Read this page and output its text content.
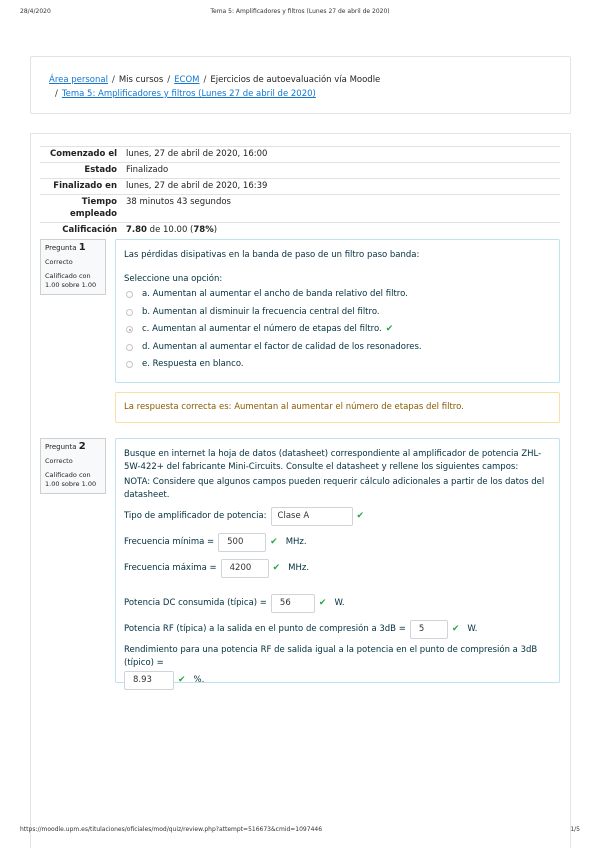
28/4/2020	Tema 5: Amplificadores y filtros (Lunes 27 de abril de 2020)
Área personal / Mis cursos / ECOM / Ejercicios de autoevaluación vía Moodle
/ Tema 5: Amplificadores y filtros (Lunes 27 de abril de 2020)
Comenzado el	lunes, 27 de abril de 2020, 16:00
Estado	Finalizado
Finalizado en	lunes, 27 de abril de 2020, 16:39
Tiempo empleado	38 minutos 43 segundos
Calificación	7.80 de 10.00 (78%)
Pregunta 1
Correcto
Calificado con 1.00 sobre 1.00
Las pérdidas disipativas en la banda de paso de un filtro paso banda:
Seleccione una opción:
a. Aumentan al aumentar el ancho de banda relativo del filtro.
b. Aumentan al disminuir la frecuencia central del filtro.
c. Aumentan al aumentar el número de etapas del filtro. ✔
d. Aumentan al aumentar el factor de calidad de los resonadores.
e. Respuesta en blanco.
La respuesta correcta es: Aumentan al aumentar el número de etapas del filtro.
Pregunta 2
Correcto
Calificado con 1.00 sobre 1.00
Busque en internet la hoja de datos (datasheet) correspondiente al amplificador de potencia ZHL-5W-422+ del fabricante Mini-Circuits. Consulte el datasheet y rellene los siguientes campos:
NOTA: Considere que algunos campos pueden requerir cálculo adicionales a partir de los datos del datasheet.
Tipo de amplificador de potencia:	Clase A	✔
Frecuencia mínima =	500	✔ MHz.
Frecuencia máxima =	4200	✔ MHz.
Potencia DC consumida (típica) =	56	✔ W.
Potencia RF (típica) a la salida en el punto de compresión a 3dB =	5	✔ W.
Rendimiento para una potencia RF de salida igual a la potencia en el punto de compresión a 3dB (típico) =
8.93	✔ %.
https://moodle.upm.es/titulaciones/oficiales/mod/quiz/review.php?attempt=516673&cmid=1097446	1/5
